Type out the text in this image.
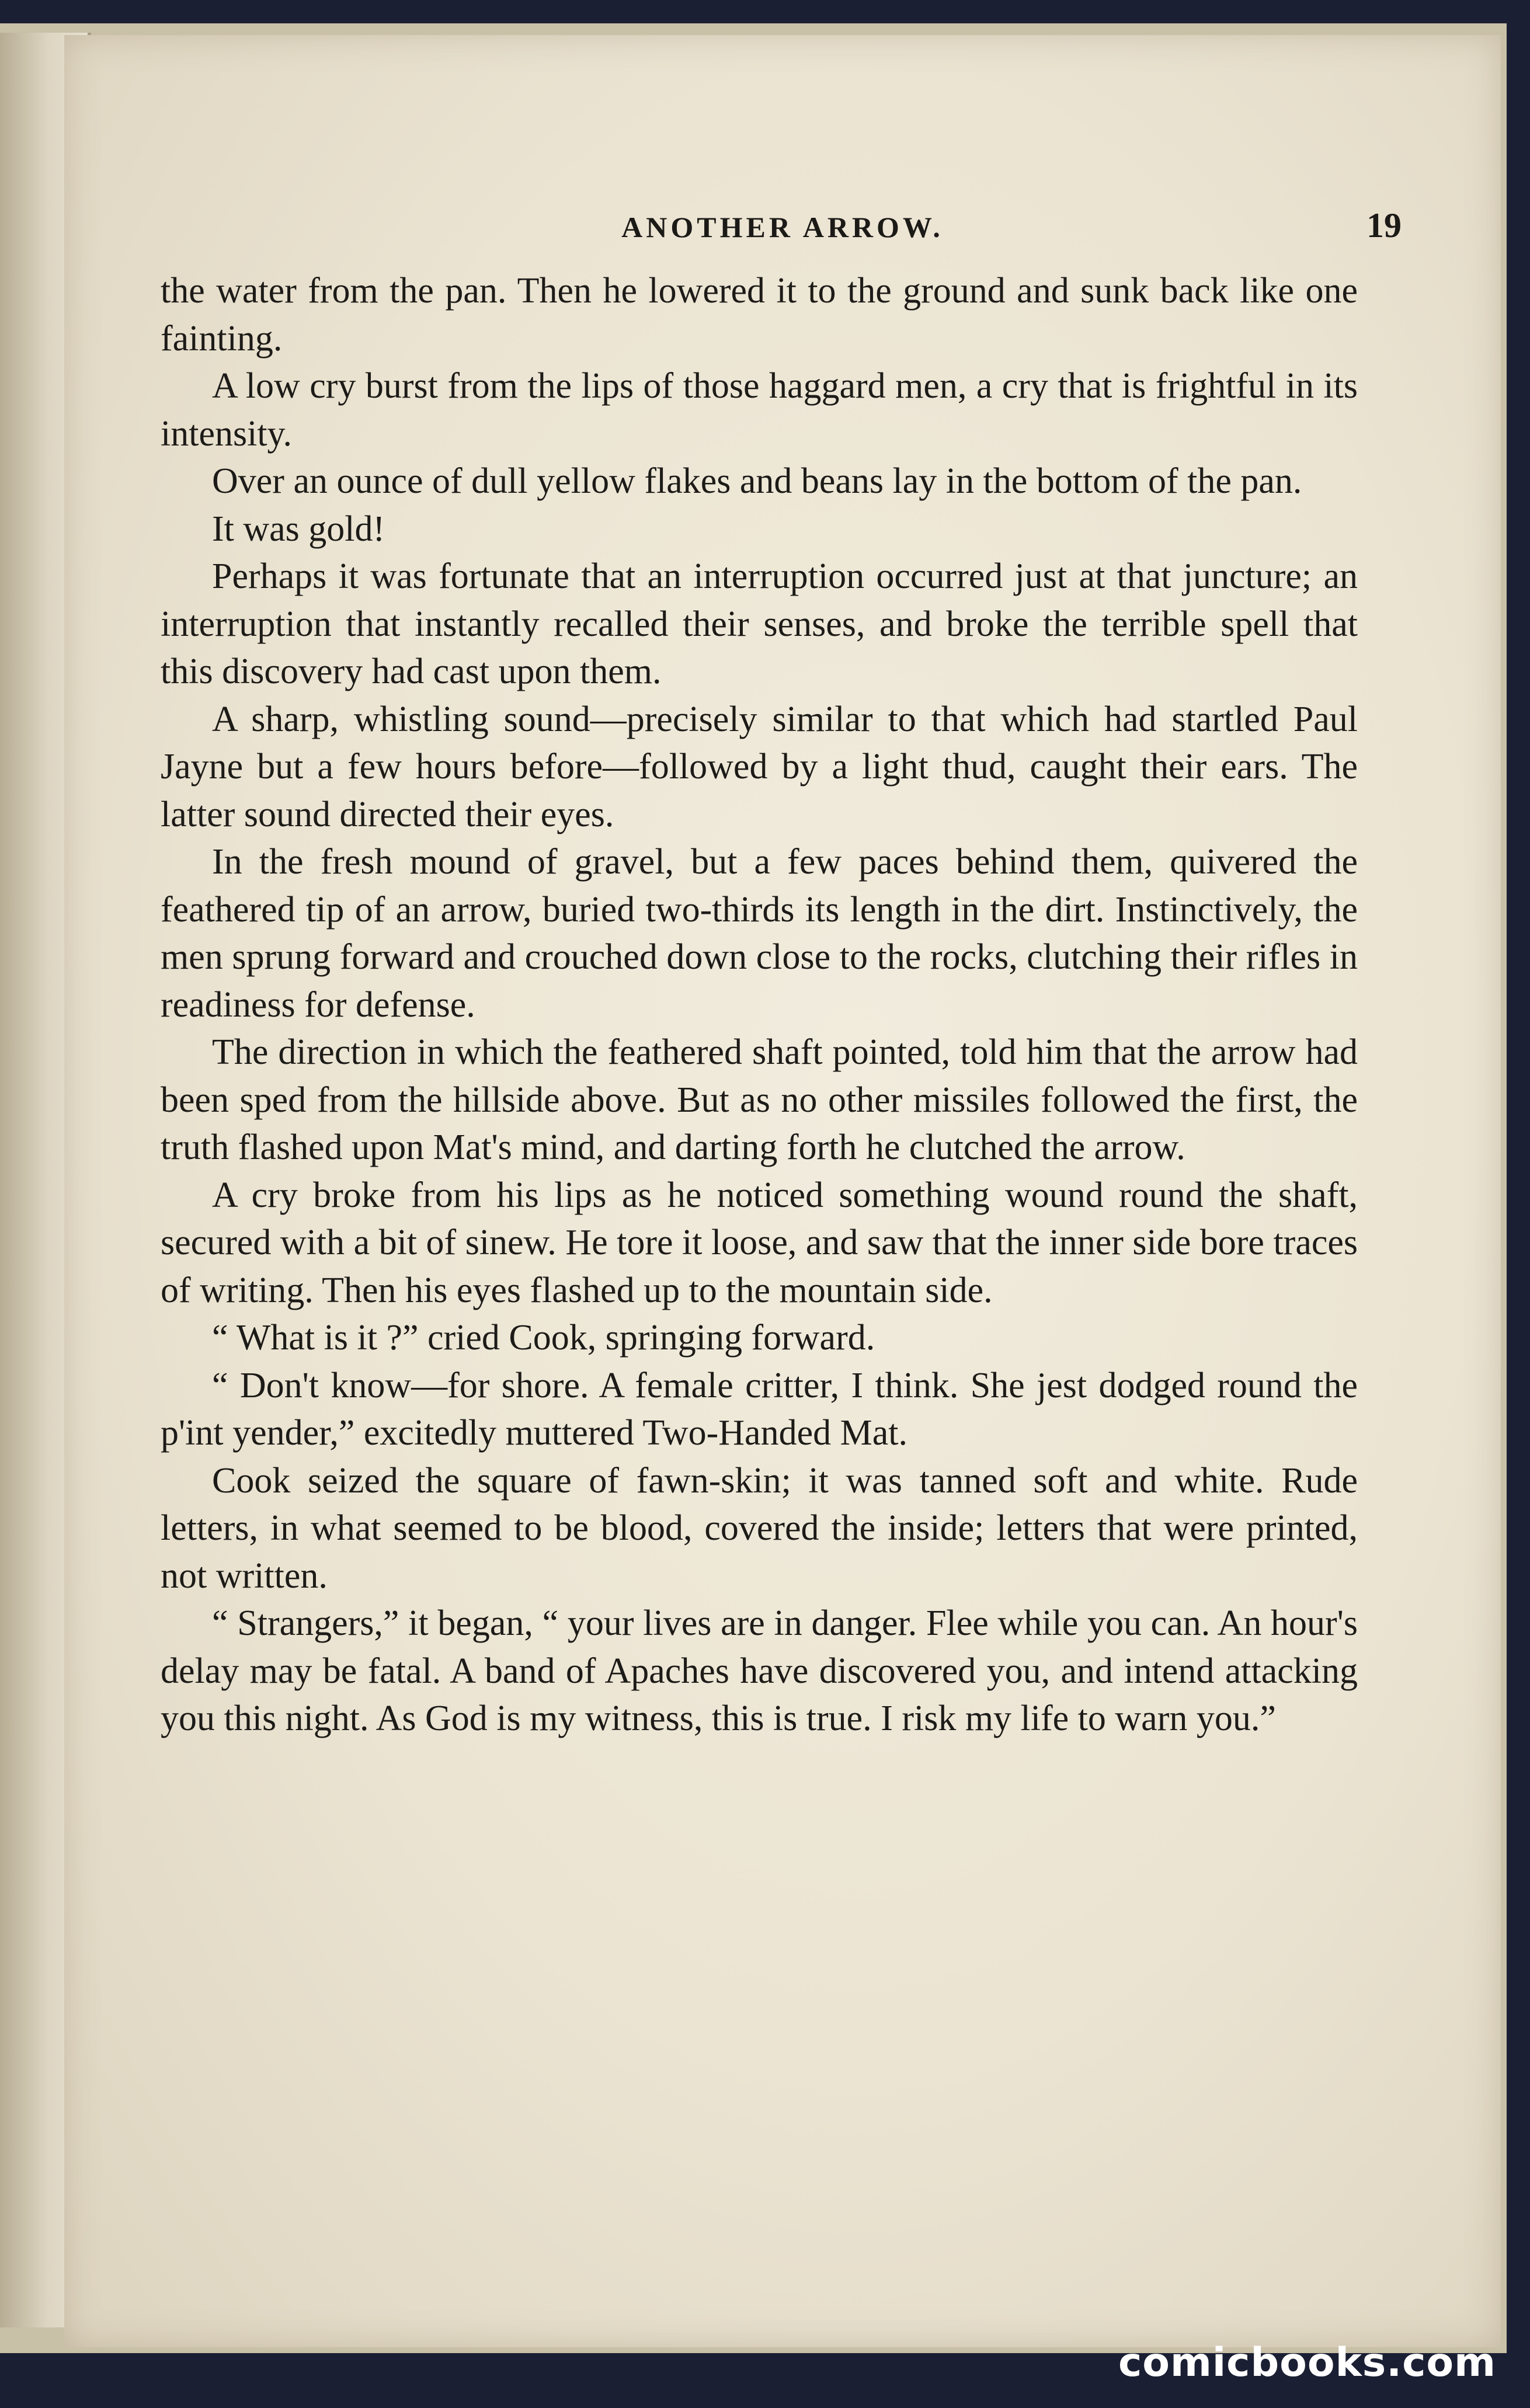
ANOTHER ARROW.	19

the water from the pan. Then he lowered it to the ground and sunk back like one fainting.

A low cry burst from the lips of those haggard men, a cry that is frightful in its intensity.

Over an ounce of dull yellow flakes and beans lay in the bottom of the pan.

It was gold!

Perhaps it was fortunate that an interruption occurred just at that juncture; an interruption that instantly recalled their senses, and broke the terrible spell that this discovery had cast upon them.

A sharp, whistling sound—precisely similar to that which had startled Paul Jayne but a few hours before—followed by a light thud, caught their ears. The latter sound directed their eyes.

In the fresh mound of gravel, but a few paces behind them, quivered the feathered tip of an arrow, buried two-thirds its length in the dirt. Instinctively, the men sprung forward and crouched down close to the rocks, clutching their rifles in readiness for defense.

The direction in which the feathered shaft pointed, told him that the arrow had been sped from the hillside above. But as no other missiles followed the first, the truth flashed upon Mat's mind, and darting forth he clutched the arrow.

A cry broke from his lips as he noticed something wound round the shaft, secured with a bit of sinew. He tore it loose, and saw that the inner side bore traces of writing. Then his eyes flashed up to the mountain side.

“ What is it ?” cried Cook, springing forward.

“ Don't know—for shore. A female critter, I think. She jest dodged round the p'int yender,” excitedly muttered Two-Handed Mat.

Cook seized the square of fawn-skin; it was tanned soft and white. Rude letters, in what seemed to be blood, covered the inside; letters that were printed, not written.

“ Strangers,” it began, “ your lives are in danger. Flee while you can. An hour's delay may be fatal. A band of Apaches have discovered you, and intend attacking you this night. As God is my witness, this is true. I risk my life to warn you.”

comicbooks.com
